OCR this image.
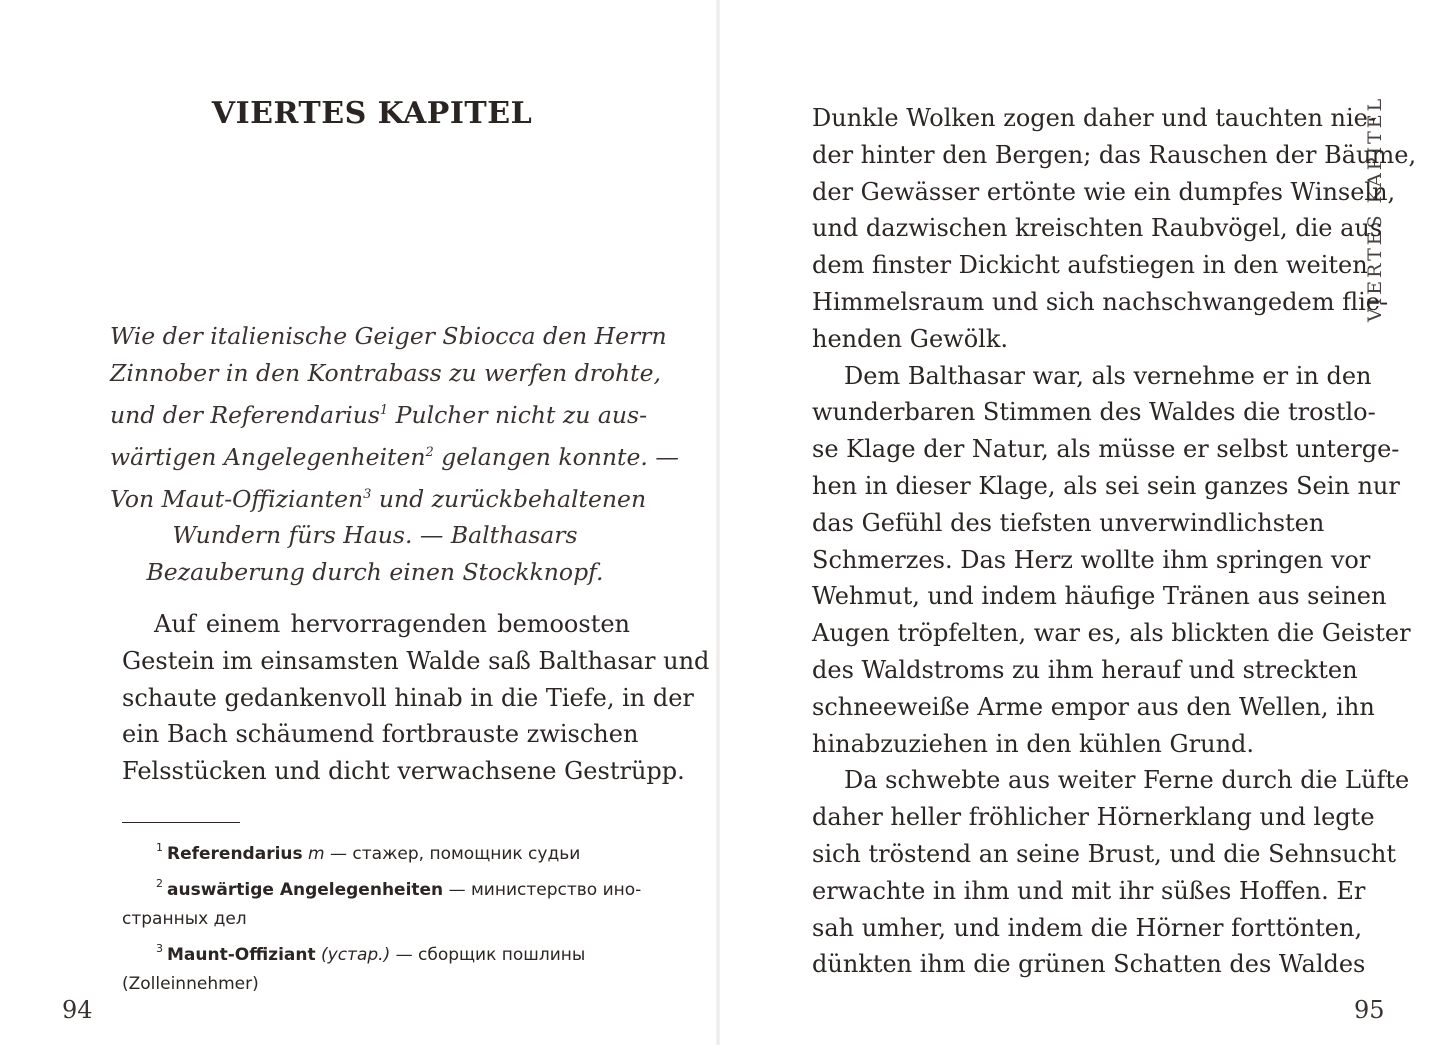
VIERTES KAPITEL
Wie der italienische Geiger Sbiocca den Herrn
Zinnober in den Kontrabass zu werfen drohte,
und der Referendarius$^1$ Pulcher nicht zu aus-
wärtigen Angelegenheiten$^2$ gelangen konnte. —
Von Maut-Offizianten$^3$ und zurückbehaltenen
Wundern fürs Haus. — Balthasars
Bezauberung durch einen Stockknopf.
Auf einem hervorragenden bemoosten
Gestein im einsamsten Walde saß Balthasar und
schaute gedankenvoll hinab in die Tiefe, in der
ein Bach schäumend fortbrauste zwischen
Felsstücken und dicht verwachsene Gestrüpp.
$^1$ Referendarius m — стажер, помощник судьи
$^2$ auswärtige Angelegenheiten — министерство ино-
странных дел
$^3$ Maunt-Offiziant (устар.) — сборщик пошлины
(Zolleinnehmer)
94
VIERTES KAPITEL
Dunkle Wolken zogen daher und tauchten nie-
der hinter den Bergen; das Rauschen der Bäume,
der Gewässer ertönte wie ein dumpfes Winseln,
und dazwischen kreischten Raubvögel, die aus
dem finster Dickicht aufstiegen in den weiten
Himmelsraum und sich nachschwangedem flie-
henden Gewölk.
Dem Balthasar war, als vernehme er in den
wunderbaren Stimmen des Waldes die trostlo-
se Klage der Natur, als müsse er selbst unterge-
hen in dieser Klage, als sei sein ganzes Sein nur
das Gefühl des tiefsten unverwindlichsten
Schmerzes. Das Herz wollte ihm springen vor
Wehmut, und indem häufige Tränen aus seinen
Augen tröpfelten, war es, als blickten die Geister
des Waldstroms zu ihm herauf und streckten
schneeweiße Arme empor aus den Wellen, ihn
hinabzuziehen in den kühlen Grund.
Da schwebte aus weiter Ferne durch die Lüfte
daher heller fröhlicher Hörnerklang und legte
sich tröstend an seine Brust, und die Sehnsucht
erwachte in ihm und mit ihr süßes Hoffen. Er
sah umher, und indem die Hörner forttönten,
dünkten ihm die grünen Schatten des Waldes
95
